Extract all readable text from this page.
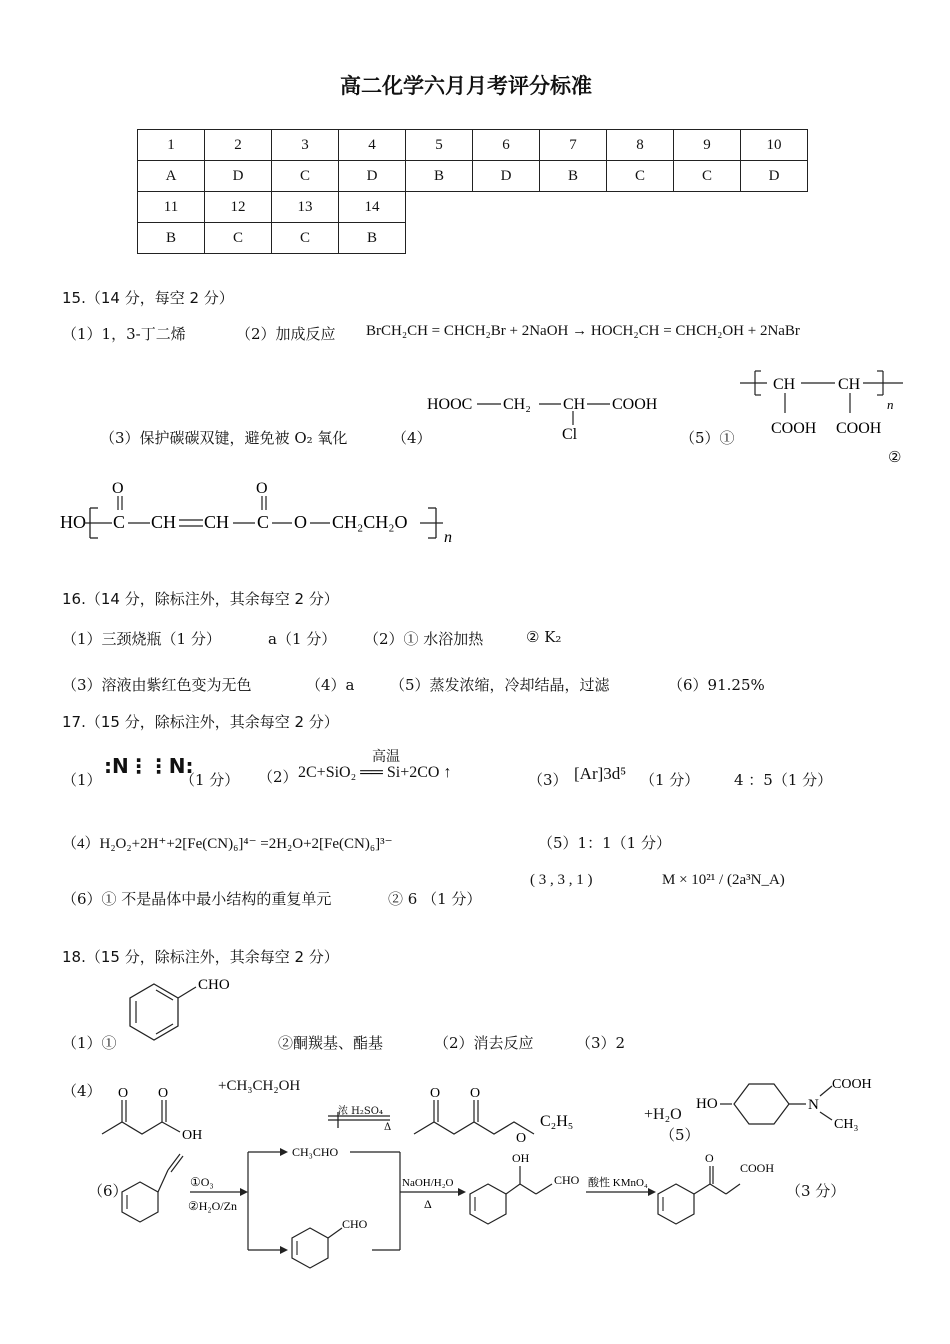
高二化学六月月考评分标准
1	2	3	4	5	6	7	8	9	10
A	D	C	D	B	D	B	C	C	D
11	12	13	14						
B	C	C	B						
15.（14 分，每空 2 分）
（1）1，3-丁二烯	（2）加成反应 BrCH₂CH = CHCH₂Br + 2NaOH → HOCH₂CH = CHCH₂OH + 2NaBr
（3）保护碳碳双键，避免被 O₂ 氧化	（4）
HOOC CH₂ CH COOH
Cl	（5）①
CH	CH
n
COOH COOH
②
HO
O
C CH CH
O
C O CH₂CH₂O
n
16.（14 分，除标注外，其余每空 2 分）
（1）三颈烧瓶（1 分）	a（1 分） （2）① 水浴加热	② K₂
（3）溶液由紫红色变为无色	（4）a （5）蒸发浓缩，冷却结晶，过滤	（6）91.25%
17.（15 分，除标注外，其余每空 2 分）
（1）
:N⋮⋮N:
（1 分） （2）
高温
2C+SiO₂ ══ Si+2CO ↑	（3） [Ar]3d⁵ （1 分） 4 ：5（1 分）
（4）H₂O₂+2H⁺+2[Fe(CN)₆]⁴⁻ =2H₂O+2[Fe(CN)₆]³⁻	（5）1：1（1 分）
（6）① 不是晶体中最小结构的重复单元	② 6 （1 分）
( 3 , 3 , 1 )	M × 10²¹ / (2a³N_A)
18.（15 分，除标注外，其余每空 2 分）
CHO
（1）①	②酮羰基、酯基	（2）消去反应	（3）2
（4） O O
OH
+CH₃CH₂OH
浓 H₂SO₄
Δ
O O
O
C₂H₅	+H₂O
（5）
HO	N
COOH
CH₃
（6）	①O₃
②H₂O/Zn
CH₃CHO
CHO
NaOH/H₂O
Δ
OH
CHO 酸性 KMnO₄
O
COOH
（3 分）
